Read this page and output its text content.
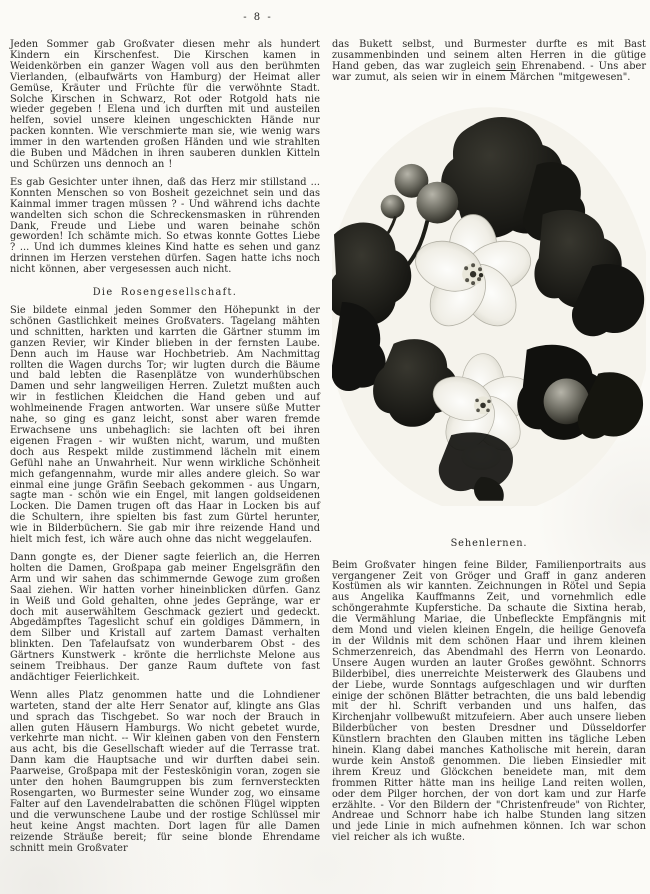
- 8 -

Jeden Sommer gab Großvater diesen mehr als hundert Kindern ein Kirschenfest. Die Kirschen kamen in Weidenkörben ein ganzer Wagen voll aus den berühmten Vierlanden, (elbaufwärts von Hamburg) der Heimat aller Gemüse, Kräuter und Früchte für die verwöhnte Stadt. Solche Kirschen in Schwarz, Rot oder Rotgold hats nie wieder gegeben ! Elena und ich durften mit und austeilen helfen, soviel unsere kleinen ungeschickten Hände nur packen konnten. Wie verschmierte man sie, wie wenig wars immer in den wartenden großen Händen und wie strahlten die Buben und Mädchen in ihren sauberen dunklen Kitteln und Schürzen uns dennoch an !

Es gab Gesichter unter ihnen, daß das Herz mir stillstand ... Konnten Menschen so von Bosheit gezeichnet sein und das Kainmal immer tragen müssen ? - Und während ichs dachte wandelten sich schon die Schreckensmasken in rührenden Dank, Freude und Liebe und waren beinahe schön geworden! Ich schämte mich. So etwas konnte Gottes Liebe ? ... Und ich dummes kleines Kind hatte es sehen und ganz drinnen im Herzen verstehen dürfen. Sagen hatte ichs noch nicht können, aber vergesessen auch nicht.

Die Rosengesellschaft.

Sie bildete einmal jeden Sommer den Höhepunkt in der schönen Gastlichkeit meines Großvaters. Tagelang mähten und schnitten, harkten und karrten die Gärtner stumm im ganzen Revier, wir Kinder blieben in der fernsten Laube. Denn auch im Hause war Hochbetrieb. Am Nachmittag rollten die Wagen durchs Tor; wir lugten durch die Bäume und bald lebten die Rasenplätze von wunderhübschen Damen und sehr langweiligen Herren. Zuletzt mußten auch wir in festlichen Kleidchen die Hand geben und auf wohlmeinende Fragen antworten. War unsere süße Mutter nahe, so ging es ganz leicht, sonst aber waren fremde Erwachsene uns unbehaglich: sie lachten oft bei ihren eigenen Fragen - wir wußten nicht, warum, und mußten doch aus Respekt milde zustimmend lächeln mit einem Gefühl nahe an Unwahrheit. Nur wenn wirkliche Schönheit mich gefangennahm, wurde mir alles andere gleich. So war einmal eine junge Gräfin Seebach gekommen - aus Ungarn, sagte man - schön wie ein Engel, mit langen goldseidenen Locken. Die Damen trugen oft das Haar in Locken bis auf die Schultern, ihre spielten bis fast zum Gürtel herunter, wie in Bilderbüchern. Sie gab mir ihre reizende Hand und hielt mich fest, ich wäre auch ohne das nicht weggelaufen.

Dann gongte es, der Diener sagte feierlich an, die Herren holten die Damen, Großpapa gab meiner Engelsgräfin den Arm und wir sahen das schimmernde Gewoge zum großen Saal ziehen. Wir hatten vorher hineinblicken dürfen. Ganz in Weiß und Gold gehalten, ohne jedes Gepränge, war er doch mit auserwähltem Geschmack geziert und gedeckt. Abgedämpftes Tageslicht schuf ein goldiges Dämmern, in dem Silber und Kristall auf zartem Damast verhalten blinkten. Den Tafelaufsatz von wunderbarem Obst - des Gärtners Kunstwerk - krönte die herrlichste Melone aus seinem Treibhaus. Der ganze Raum duftete von fast andächtiger Feierlichkeit.

Wenn alles Platz genommen hatte und die Lohndiener warteten, stand der alte Herr Senator auf, klingte ans Glas und sprach das Tischgebet. So war noch der Brauch in allen guten Häusern Hamburgs. Wo nicht gebetet wurde, verkehrte man nicht. -- Wir kleinen gaben von den Fenstern aus acht, bis die Gesellschaft wieder auf die Terrasse trat. Dann kam die Hauptsache und wir durften dabei sein. Paarweise, Großpapa mit der Festeskönigin voran, zogen sie unter den hohen Baumgruppen bis zum fernversteckten Rosengarten, wo Burmester seine Wunder zog, wo einsame Falter auf den Lavendelrabatten die schönen Flügel wippten und die verwunschene Laube und der rostige Schlüssel mir heut keine Angst machten. Dort lagen für alle Damen reizende Sträuße bereit; für seine blonde Ehrendame schnitt mein Großvater

das Bukett selbst, und Burmester durfte es mit Bast zusammenbinden und seinem alten Herren in die gütige Hand geben, das war zugleich sein Ehrenabend. - Uns aber war zumut, als seien wir in einem Märchen "mitgewesen".

Sehenlernen.

Beim Großvater hingen feine Bilder, Familienportraits aus vergangener Zeit von Gröger und Graff in ganz anderen Kostümen als wir kannten. Zeichnungen in Rötel und Sepia aus Angelika Kauffmanns Zeit, und vornehmlich edle schöngerahmte Kupferstiche. Da schaute die Sixtina herab, die Vermählung Mariae, die Unbefleckte Empfängnis mit dem Mond und vielen kleinen Engeln, die heilige Genovefa in der Wildnis mit dem schönen Haar und ihrem kleinen Schmerzenreich, das Abendmahl des Herrn von Leonardo. Unsere Augen wurden an lauter Großes gewöhnt. Schnorrs Bilderbibel, dies unerreichte Meisterwerk des Glaubens und der Liebe, wurde Sonntags aufgeschlagen und wir durften einige der schönen Blätter betrachten, die uns bald lebendig mit der hl. Schrift verbanden und uns halfen, das Kirchenjahr vollbewußt mitzufeiern. Aber auch unsere lieben Bilderbücher von besten Dresdner und Düsseldorfer Künstlern brachten den Glauben mitten ins tägliche Leben hinein. Klang dabei manches Katholische mit herein, daran wurde kein Anstoß genommen. Die lieben Einsiedler mit ihrem Kreuz und Glöckchen beneidete man, mit dem frommen Ritter hätte man ins heilige Land reiten wollen, oder dem Pilger horchen, der von dort kam und zur Harfe erzählte. - Vor den Bildern der "Christenfreude" von Richter, Andreae und Schnorr habe ich halbe Stunden lang sitzen und jede Linie in mich aufnehmen können. Ich war schon viel reicher als ich wußte.
